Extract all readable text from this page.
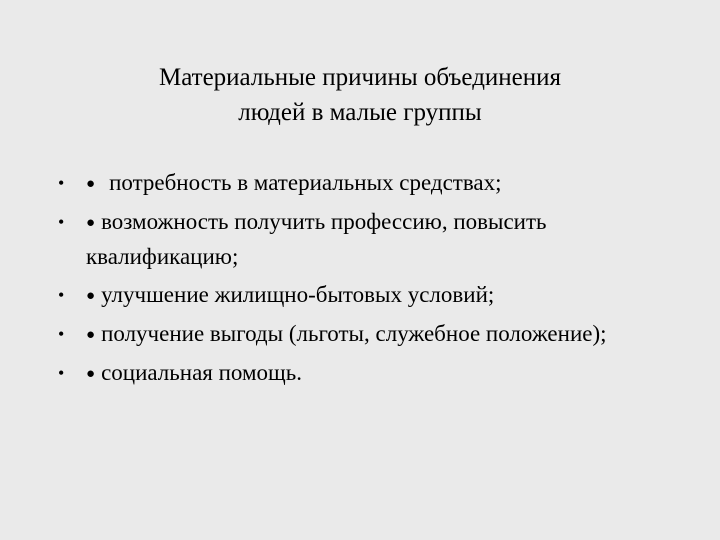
Материальные причины объединения
людей в малые группы
• ● потребность в материальных средствах;
• ● возможность получить профессию, повысить квалификацию;
• ● улучшение жилищно-бытовых условий;
• ● получение выгоды (льготы, служебное положение);
• ● социальная помощь.
